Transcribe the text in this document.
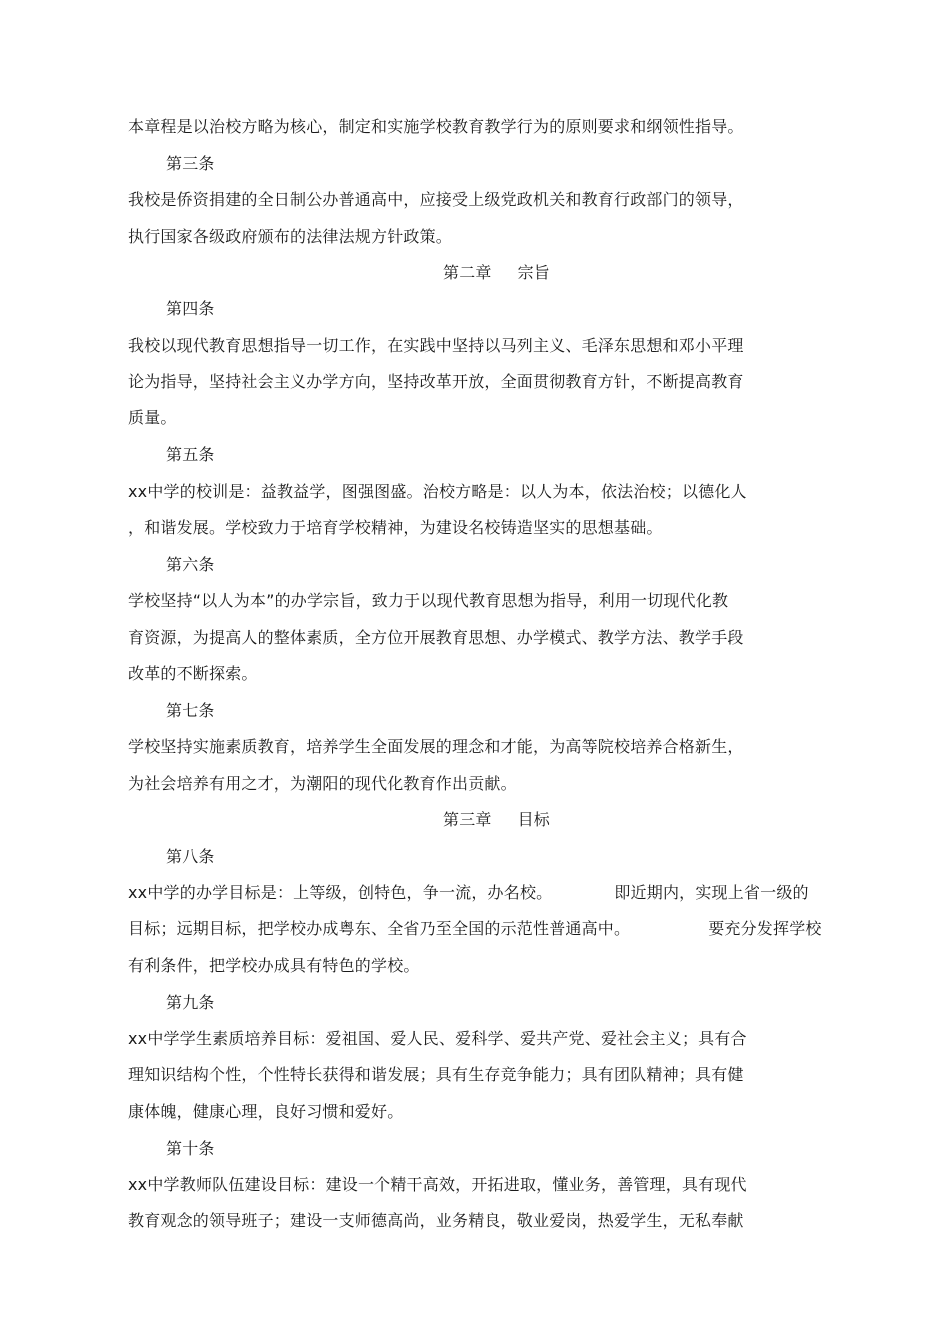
本章程是以治校方略为核心，制定和实施学校教育教学行为的原则要求和纲领性指导。
第三条
我校是侨资捐建的全日制公办普通高中，应接受上级党政机关和教育行政部门的领导，
执行国家各级政府颁布的法律法规方针政策。
第二章 宗旨
第四条
我校以现代教育思想指导一切工作，在实践中坚持以马列主义、毛泽东思想和邓小平理
论为指导，坚持社会主义办学方向，坚持改革开放，全面贯彻教育方针，不断提高教育
质量。
第五条
xx中学的校训是：益教益学，图强图盛。治校方略是：以人为本，依法治校；以德化人
，和谐发展。学校致力于培育学校精神，为建设名校铸造坚实的思想基础。
第六条
学校坚持“以人为本”的办学宗旨，致力于以现代教育思想为指导，利用一切现代化教
育资源，为提高人的整体素质，全方位开展教育思想、办学模式、教学方法、教学手段
改革的不断探索。
第七条
学校坚持实施素质教育，培养学生全面发展的理念和才能，为高等院校培养合格新生，
为社会培养有用之才，为潮阳的现代化教育作出贡献。
第三章 目标
第八条
xx中学的办学目标是：上等级，创特色，争一流，办名校。	即近期内，实现上省一级的
目标；远期目标，把学校办成粤东、全省乃至全国的示范性普通高中。	要充分发挥学校
有利条件，把学校办成具有特色的学校。
第九条
xx中学学生素质培养目标：爱祖国、爱人民、爱科学、爱共产党、爱社会主义；具有合
理知识结构个性，个性特长获得和谐发展；具有生存竞争能力；具有团队精神；具有健
康体魄，健康心理，良好习惯和爱好。
第十条
xx中学教师队伍建设目标：建设一个精干高效，开拓进取，懂业务，善管理，具有现代
教育观念的领导班子；建设一支师德高尚，业务精良，敬业爱岗，热爱学生，无私奉献
